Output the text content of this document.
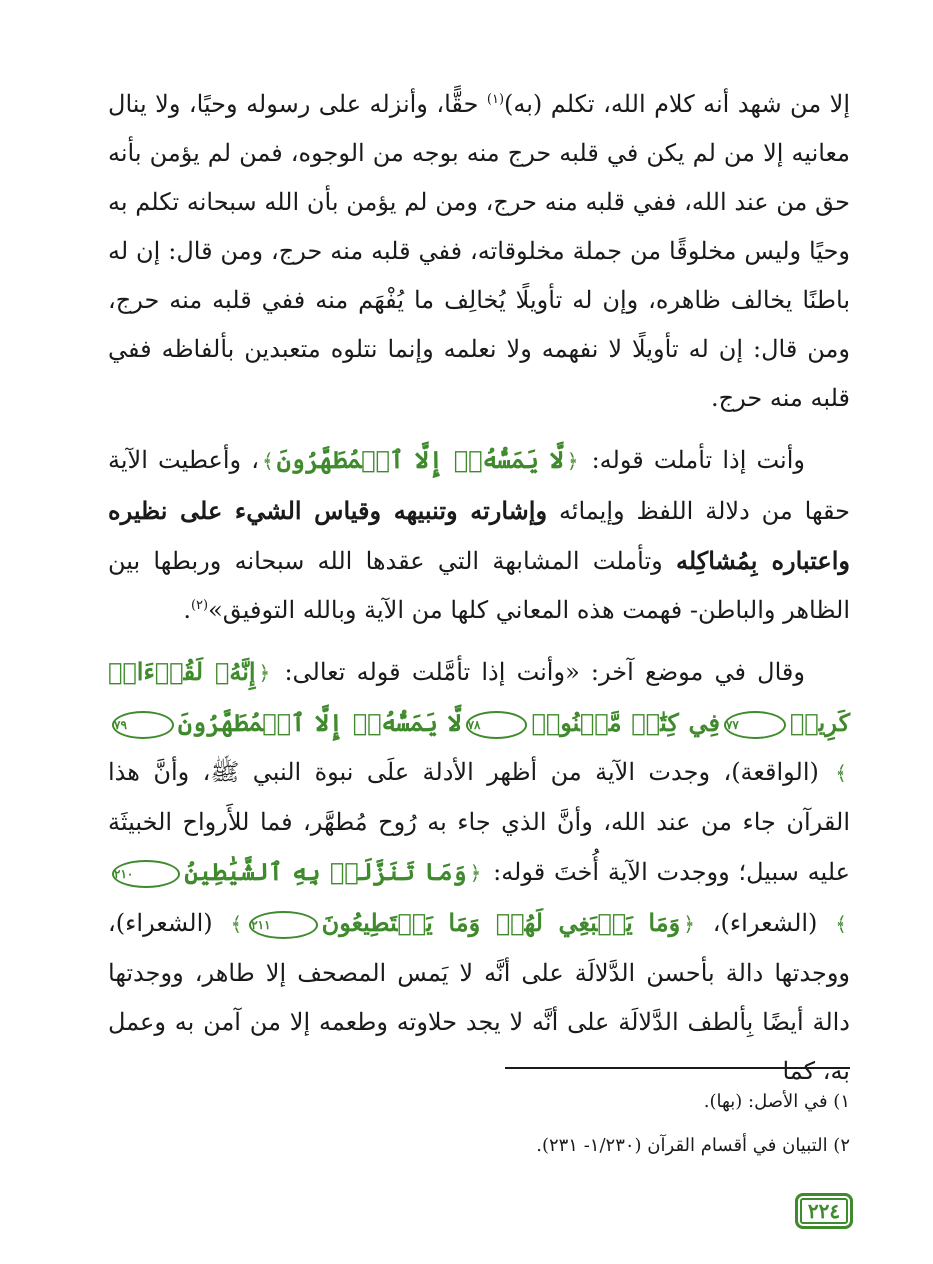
إلا من شهد أنه كلام الله، تكلم (به)$^{(١)}$ حقًّا، وأنزله على رسوله وحيًا، ولا ينال معانيه إلا من لم يكن في قلبه حرج منه بوجه من الوجوه، فمن لم يؤمن بأنه حق من عند الله، ففي قلبه منه حرج، ومن لم يؤمن بأن الله سبحانه تكلم به وحيًا وليس مخلوقًا من جملة مخلوقاته، ففي قلبه منه حرج، ومن قال: إن له باطنًا يخالف ظاهره، وإن له تأويلًا يُخالِف ما يُفْهَم منه ففي قلبه منه حرج، ومن قال: إن له تأويلًا لا نفهمه ولا نعلمه وإنما نتلوه متعبدين بألفاظه ففي قلبه منه حرج.

وأنت إذا تأملت قوله: ﴿لَّا يَمَسُّهُۥٓ إِلَّا ٱلۡمُطَهَّرُونَ﴾، وأعطيت الآية حقها من دلالة اللفظ وإيمائه وإشارته وتنبيهه وقياس الشيء على نظيره واعتباره بِمُشاكِله وتأملت المشابهة التي عقدها الله سبحانه وربطها بين الظاهر والباطن- فهمت هذه المعاني كلها من الآية وبالله التوفيق»$^{(٢)}$.

وقال في موضع آخر: «وأنت إذا تأمَّلت قوله تعالى: ﴿إِنَّهُۥ لَقُرۡءَانٞ كَرِيمٞ٧٧فِي كِتَٰبٖ مَّكۡنُونٖ٧٨لَّا يَمَسُّهُۥٓ إِلَّا ٱلۡمُطَهَّرُونَ٧٩﴾ (الواقعة)، وجدت الآية من أظهر الأدلة علَى نبوة النبي ﷺ، وأنَّ هذا القرآن جاء من عند الله، وأنَّ الذي جاء به رُوح مُطهَّر، فما للأَرواح الخبيثَة عليه سبيل؛ ووجدت الآية أُختَ قوله: ﴿وَمَا تَنَزَّلَتۡ بِهِ ٱلشَّيَٰطِينُ٢١٠﴾ (الشعراء)، ﴿وَمَا يَنۢبَغِي لَهُمۡ وَمَا يَسۡتَطِيعُونَ٢١١﴾ (الشعراء)، ووجدتها دالة بأحسن الدَّلالَة على أنَّه لا يَمس المصحف إلا طاهر، ووجدتها دالة أيضًا بِألطف الدَّلالَة على أنَّه لا يجد حلاوته وطعمه إلا من آمن به وعمل به، كما

١) في الأصل: (بها).

٢) التبيان في أقسام القرآن (١/٢٣٠- ٢٣١).

٢٢٤
